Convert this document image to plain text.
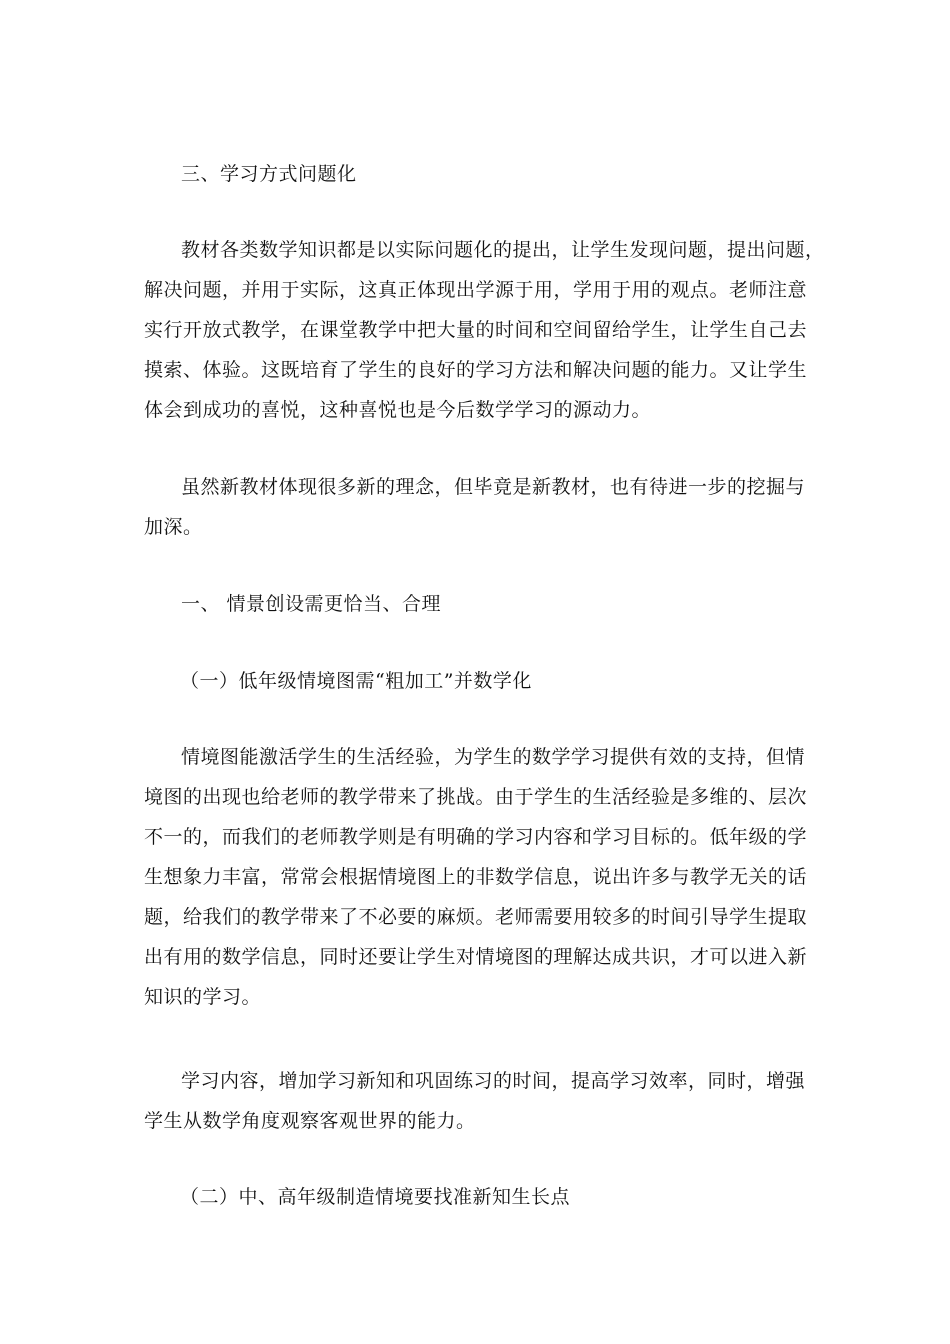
三、学习方式问题化
教材各类数学知识都是以实际问题化的提出，让学生发现问题，提出问题，
解决问题，并用于实际，这真正体现出学源于用，学用于用的观点。老师注意
实行开放式教学，在课堂教学中把大量的时间和空间留给学生，让学生自己去
摸索、体验。这既培育了学生的良好的学习方法和解决问题的能力。又让学生
体会到成功的喜悦，这种喜悦也是今后数学学习的源动力。
虽然新教材体现很多新的理念，但毕竟是新教材，也有待进一步的挖掘与
加深。
一、 情景创设需更恰当、合理
（一）低年级情境图需“粗加工”并数学化
情境图能激活学生的生活经验，为学生的数学学习提供有效的支持，但情
境图的出现也给老师的教学带来了挑战。由于学生的生活经验是多维的、层次
不一的，而我们的老师教学则是有明确的学习内容和学习目标的。低年级的学
生想象力丰富，常常会根据情境图上的非数学信息，说出许多与教学无关的话
题，给我们的教学带来了不必要的麻烦。老师需要用较多的时间引导学生提取
出有用的数学信息，同时还要让学生对情境图的理解达成共识，才可以进入新
知识的学习。
学习内容，增加学习新知和巩固练习的时间，提高学习效率，同时，增强
学生从数学角度观察客观世界的能力。
（二）中、高年级制造情境要找准新知生长点
